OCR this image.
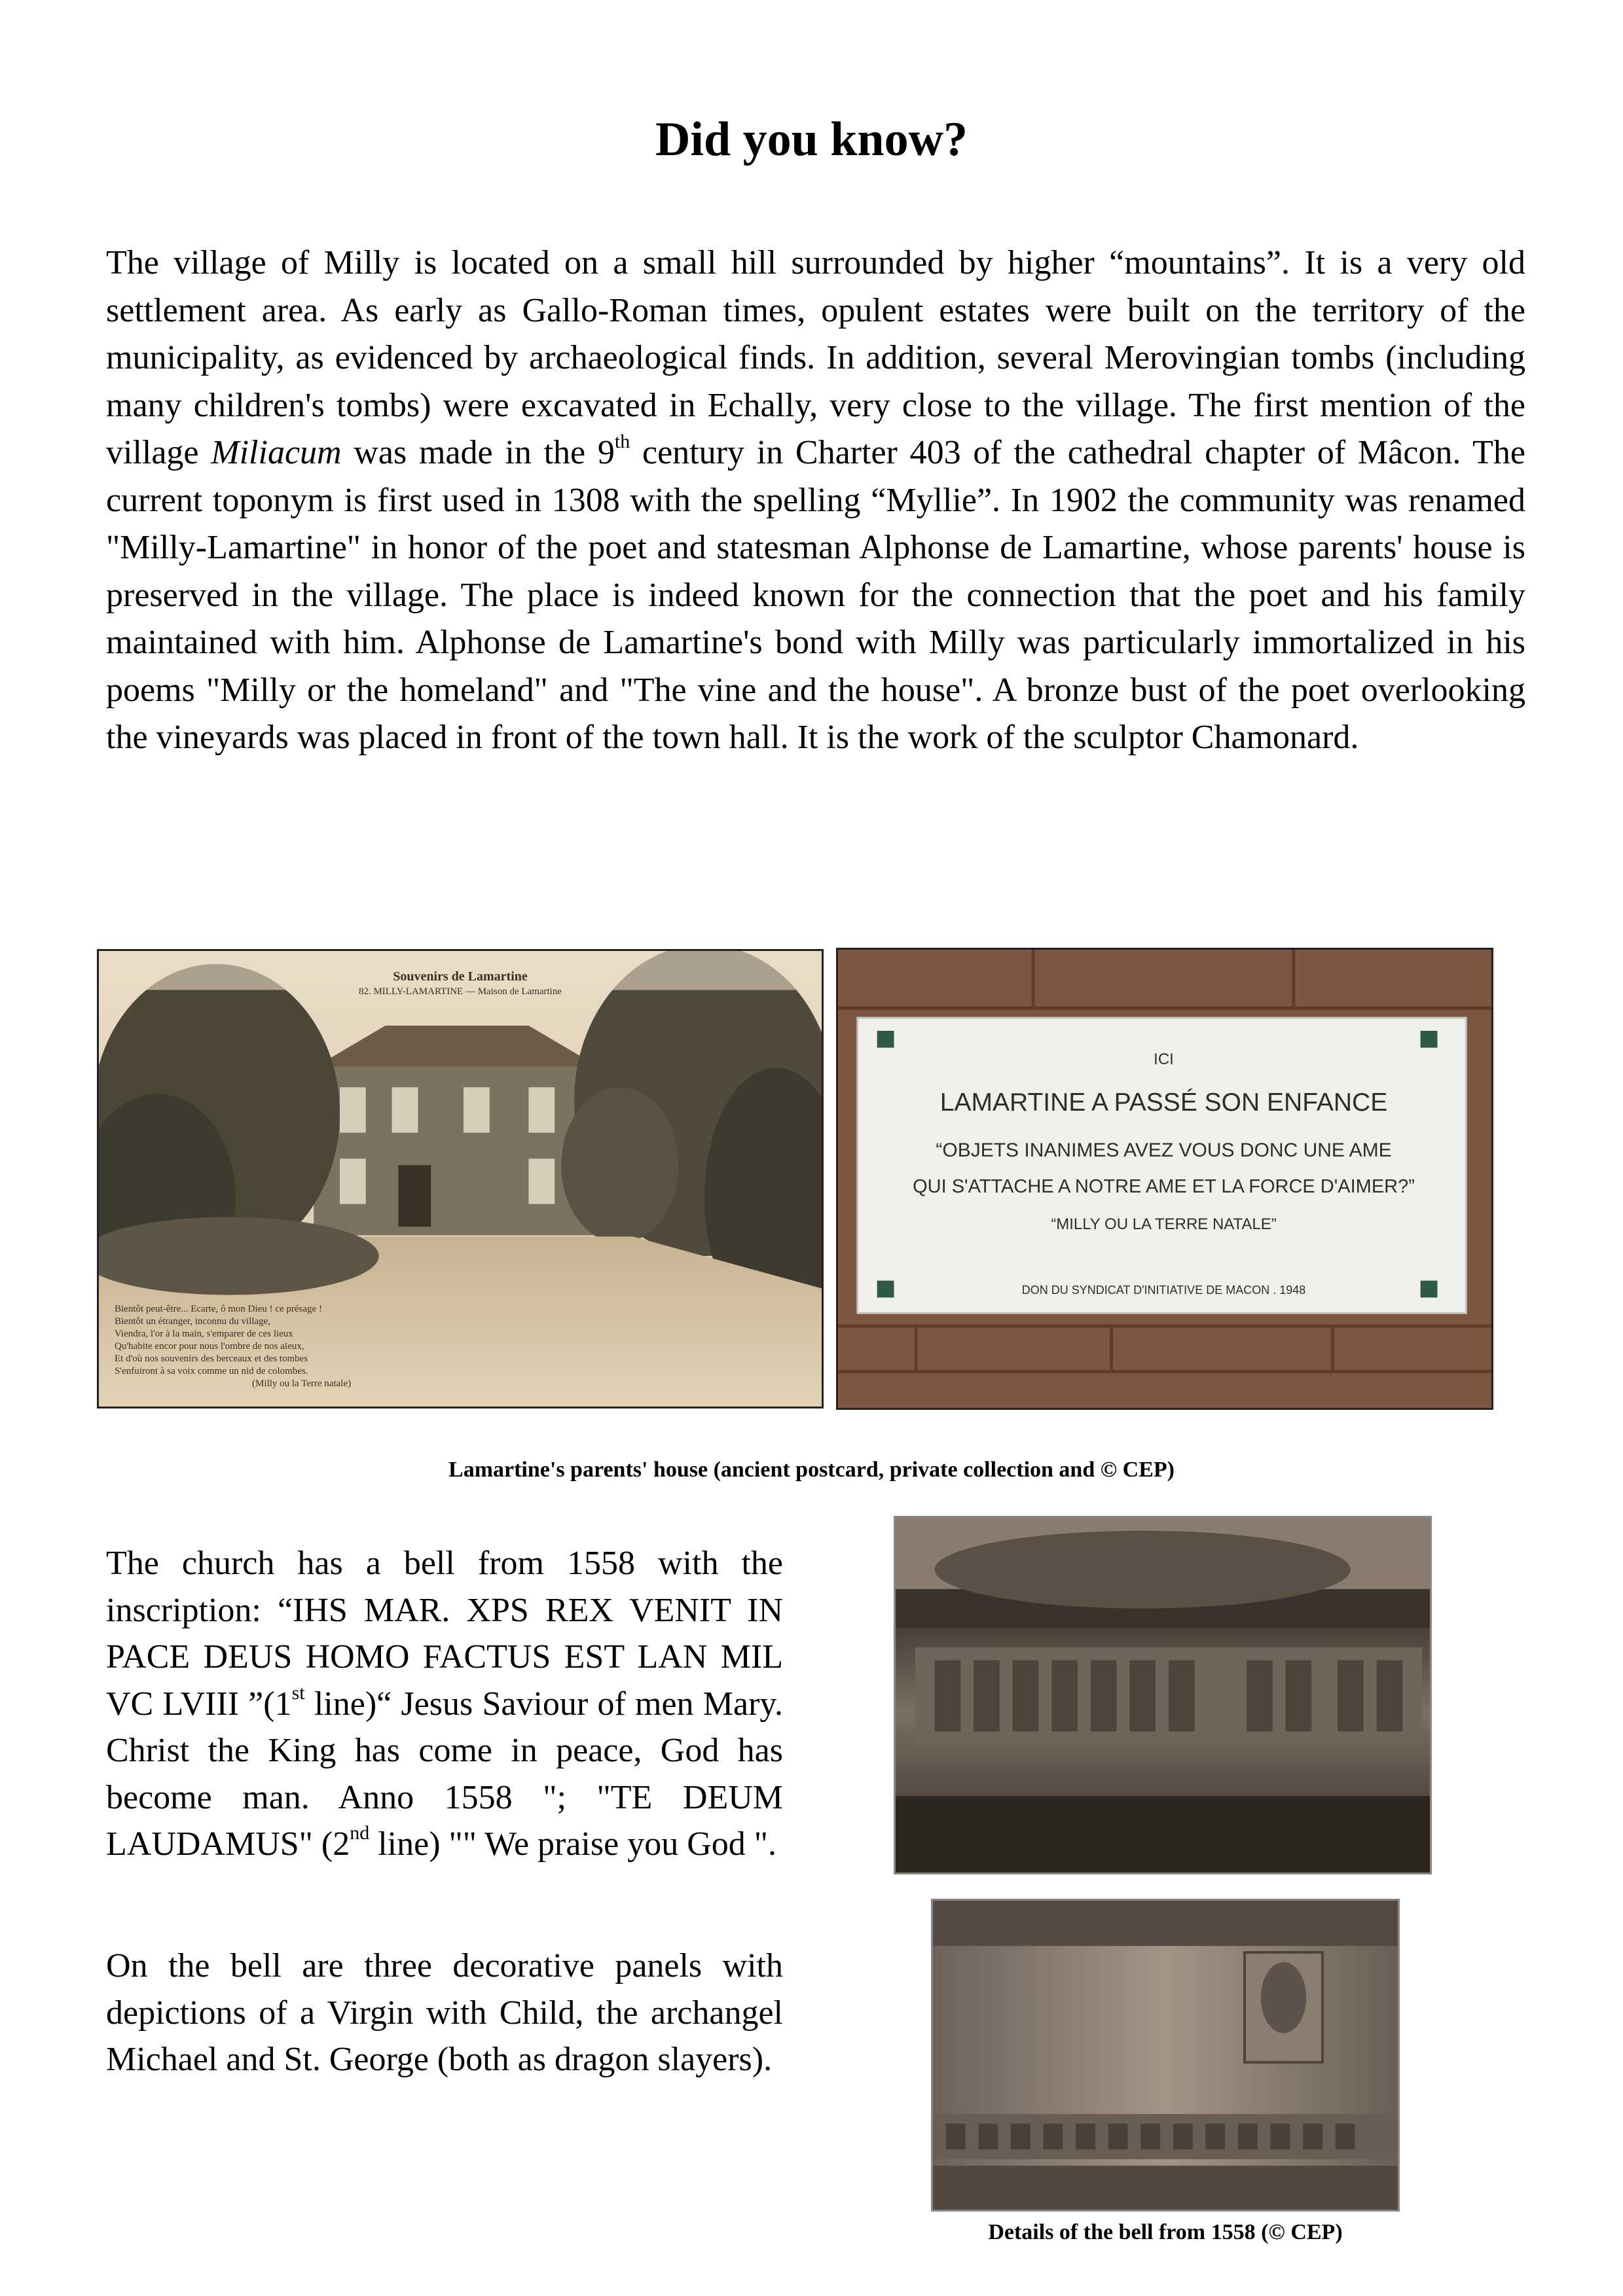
Did you know?
The village of Milly is located on a small hill surrounded by higher “mountains”. It is a very old settlement area. As early as Gallo-Roman times, opulent estates were built on the territory of the municipality, as evidenced by archaeological finds. In addition, several Merovingian tombs (including many children's tombs) were excavated in Echally, very close to the village. The first mention of the village Miliacum was made in the 9th century in Charter 403 of the cathedral chapter of Mâcon. The current toponym is first used in 1308 with the spelling “Myllie”. In 1902 the community was renamed "Milly-Lamartine" in honor of the poet and statesman Alphonse de Lamartine, whose parents' house is preserved in the village. The place is indeed known for the connection that the poet and his family maintained with him. Alphonse de Lamartine's bond with Milly was particularly immortalized in his poems "Milly or the homeland" and "The vine and the house". A bronze bust of the poet overlooking the vineyards was placed in front of the town hall. It is the work of the sculptor Chamonard.
Souvenirs de Lamartine
82. MILLY-LAMARTINE — Maison de Lamartine
Bientôt peut-être... Ecarte, ô mon Dieu ! ce présage !
Bientôt un étranger, inconnu du village,
Viendra, l'or à la main, s'emparer de ces lieux
Qu'habite encor pour nous l'ombre de nos aïeux,
Et d'où nos souvenirs des berceaux et des tombes
S'enfuiront à sa voix comme un nid de colombes.
(Milly ou la Terre natale)
ICI
LAMARTINE A PASSÉ SON ENFANCE
“OBJETS INANIMES AVEZ VOUS DONC UNE AME
QUI S'ATTACHE A NOTRE AME ET LA FORCE D'AIMER?”
“MILLY OU LA TERRE NATALE”
DON DU SYNDICAT D'INITIATIVE DE MACON . 1948
Lamartine's parents' house (ancient postcard, private collection and © CEP)
The church has a bell from 1558 with the inscription: “IHS MAR. XPS REX VENIT IN PACE DEUS HOMO FACTUS EST LAN MIL VC LVIII ”(1st line)“ Jesus Saviour of men Mary. Christ the King has come in peace, God has become man. Anno 1558 "; "TE DEUM LAUDAMUS" (2nd line) "" We praise you God ".
On the bell are three decorative panels with depictions of a Virgin with Child, the archangel Michael and St. George (both as dragon slayers).
Details of the bell from 1558 (© CEP)
